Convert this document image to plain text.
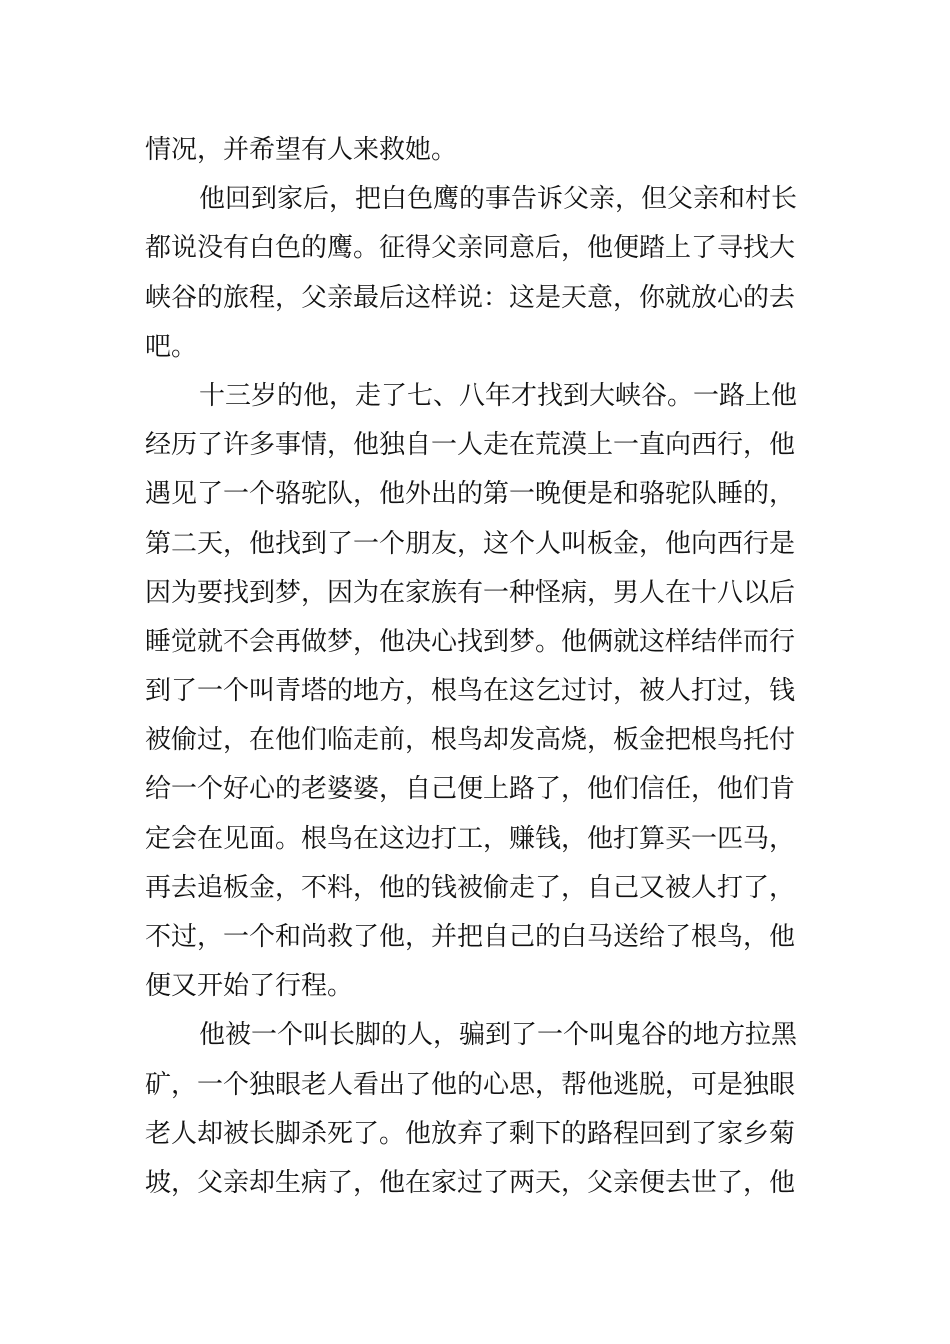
情况，并希望有人来救她。
他回到家后，把白色鹰的事告诉父亲，但父亲和村长
都说没有白色的鹰。征得父亲同意后，他便踏上了寻找大
峡谷的旅程，父亲最后这样说：这是天意，你就放心的去
吧。
十三岁的他，走了七、八年才找到大峡谷。一路上他
经历了许多事情，他独自一人走在荒漠上一直向西行，他
遇见了一个骆驼队，他外出的第一晚便是和骆驼队睡的，
第二天，他找到了一个朋友，这个人叫板金，他向西行是
因为要找到梦，因为在家族有一种怪病，男人在十八以后
睡觉就不会再做梦，他决心找到梦。他俩就这样结伴而行
到了一个叫青塔的地方，根鸟在这乞过讨，被人打过，钱
被偷过，在他们临走前，根鸟却发高烧，板金把根鸟托付
给一个好心的老婆婆，自己便上路了，他们信任，他们肯
定会在见面。根鸟在这边打工，赚钱，他打算买一匹马，
再去追板金，不料，他的钱被偷走了，自己又被人打了，
不过，一个和尚救了他，并把自己的白马送给了根鸟，他
便又开始了行程。
他被一个叫长脚的人，骗到了一个叫鬼谷的地方拉黑
矿，一个独眼老人看出了他的心思，帮他逃脱，可是独眼
老人却被长脚杀死了。他放弃了剩下的路程回到了家乡菊
坡，父亲却生病了，他在家过了两天，父亲便去世了，他
